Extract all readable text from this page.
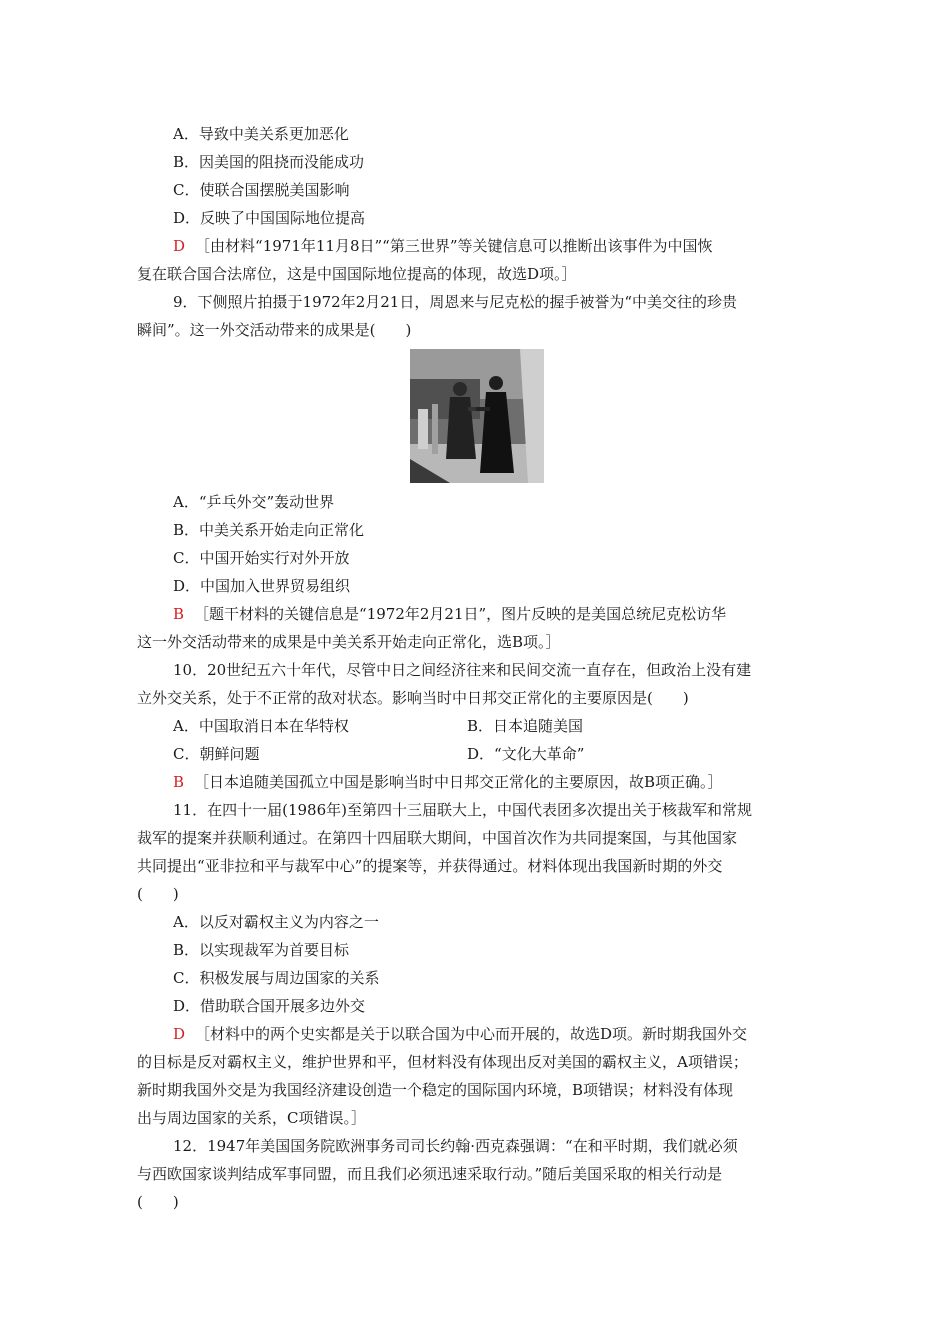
A．导致中美关系更加恶化
B．因美国的阻挠而没能成功
C．使联合国摆脱美国影响
D．反映了中国国际地位提高
D ［由材料“1971年11月8日”“第三世界”等关键信息可以推断出该事件为中国恢
复在联合国合法席位，这是中国国际地位提高的体现，故选D项。］
9．下侧照片拍摄于1972年2月21日，周恩来与尼克松的握手被誉为“中美交往的珍贵
瞬间”。这一外交活动带来的成果是(　　)
A．“乒乓外交”轰动世界
B．中美关系开始走向正常化
C．中国开始实行对外开放
D．中国加入世界贸易组织
B ［题干材料的关键信息是“1972年2月21日”，图片反映的是美国总统尼克松访华
这一外交活动带来的成果是中美关系开始走向正常化，选B项。］
10．20世纪五六十年代，尽管中日之间经济往来和民间交流一直存在，但政治上没有建
立外交关系，处于不正常的敌对状态。影响当时中日邦交正常化的主要原因是(　　)
A．中国取消日本在华特权	B．日本追随美国
C．朝鲜问题	D．“文化大革命”
B ［日本追随美国孤立中国是影响当时中日邦交正常化的主要原因，故B项正确。］
11．在四十一届(1986年)至第四十三届联大上，中国代表团多次提出关于核裁军和常规
裁军的提案并获顺利通过。在第四十四届联大期间，中国首次作为共同提案国，与其他国家
共同提出“亚非拉和平与裁军中心”的提案等，并获得通过。材料体现出我国新时期的外交
(　　)
A．以反对霸权主义为内容之一
B．以实现裁军为首要目标
C．积极发展与周边国家的关系
D．借助联合国开展多边外交
D ［材料中的两个史实都是关于以联合国为中心而开展的，故选D项。新时期我国外交
的目标是反对霸权主义，维护世界和平，但材料没有体现出反对美国的霸权主义，A项错误；
新时期我国外交是为我国经济建设创造一个稳定的国际国内环境，B项错误；材料没有体现
出与周边国家的关系，C项错误。］
12．1947年美国国务院欧洲事务司司长约翰·西克森强调：“在和平时期，我们就必须
与西欧国家谈判结成军事同盟，而且我们必须迅速采取行动。”随后美国采取的相关行动是
(　　)
